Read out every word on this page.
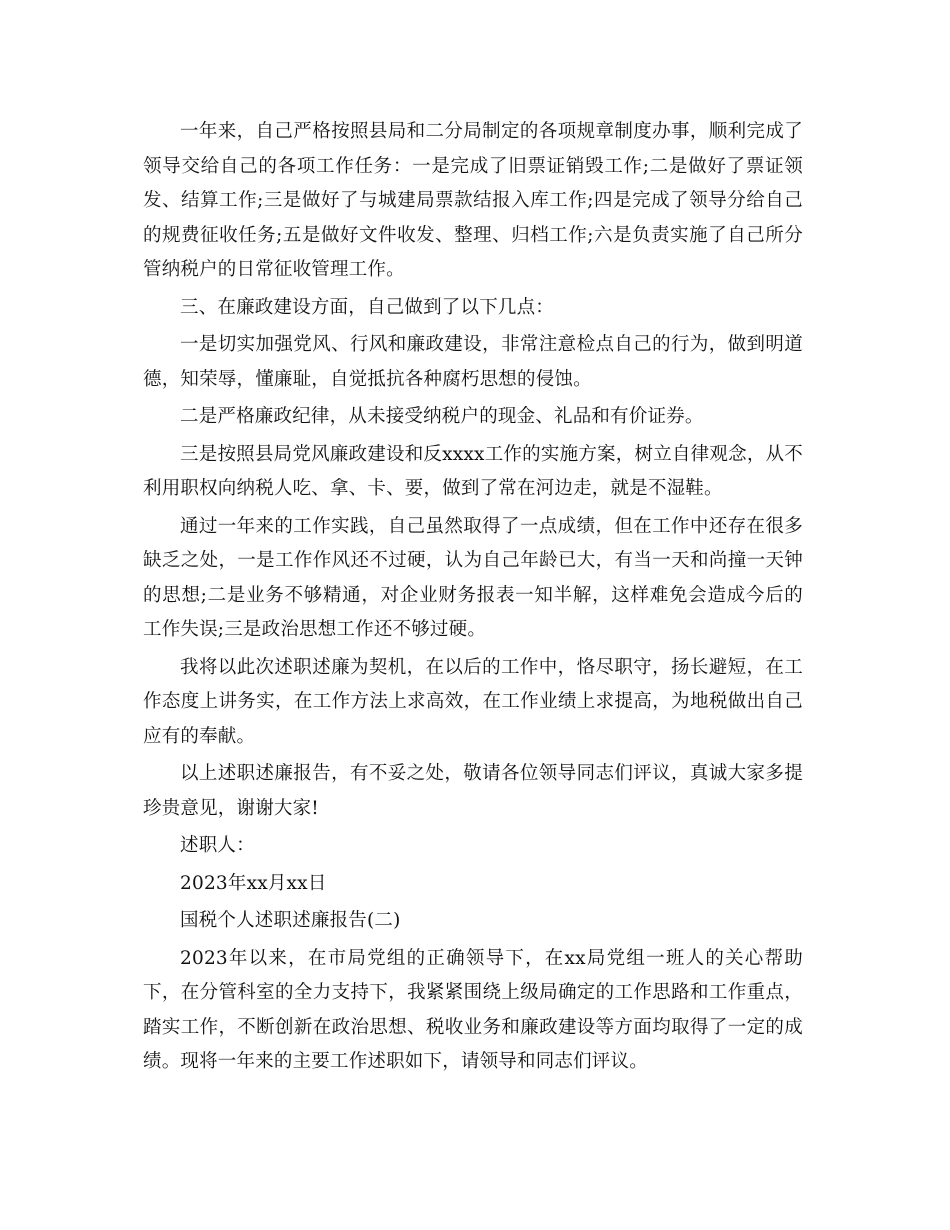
一年来，自己严格按照县局和二分局制定的各项规章制度办事，顺利完成了领导交给自己的各项工作任务：一是完成了旧票证销毁工作;二是做好了票证领发、结算工作;三是做好了与城建局票款结报入库工作;四是完成了领导分给自己的规费征收任务;五是做好文件收发、整理、归档工作;六是负责实施了自己所分管纳税户的日常征收管理工作。

三、在廉政建设方面，自己做到了以下几点：

一是切实加强党风、行风和廉政建设，非常注意检点自己的行为，做到明道德，知荣辱，懂廉耻，自觉抵抗各种腐朽思想的侵蚀。

二是严格廉政纪律，从未接受纳税户的现金、礼品和有价证券。

三是按照县局党风廉政建设和反xxxx工作的实施方案，树立自律观念，从不利用职权向纳税人吃、拿、卡、要，做到了常在河边走，就是不湿鞋。

通过一年来的工作实践，自己虽然取得了一点成绩，但在工作中还存在很多缺乏之处，一是工作作风还不过硬，认为自己年龄已大，有当一天和尚撞一天钟的思想;二是业务不够精通，对企业财务报表一知半解，这样难免会造成今后的工作失误;三是政治思想工作还不够过硬。

我将以此次述职述廉为契机，在以后的工作中，恪尽职守，扬长避短，在工作态度上讲务实，在工作方法上求高效，在工作业绩上求提高，为地税做出自己应有的奉献。

以上述职述廉报告，有不妥之处，敬请各位领导同志们评议，真诚大家多提珍贵意见，谢谢大家!

述职人：

2023年xx月xx日

国税个人述职述廉报告(二)

2023年以来，在市局党组的正确领导下，在xx局党组一班人的关心帮助下，在分管科室的全力支持下，我紧紧围绕上级局确定的工作思路和工作重点，踏实工作，不断创新在政治思想、税收业务和廉政建设等方面均取得了一定的成绩。现将一年来的主要工作述职如下，请领导和同志们评议。
